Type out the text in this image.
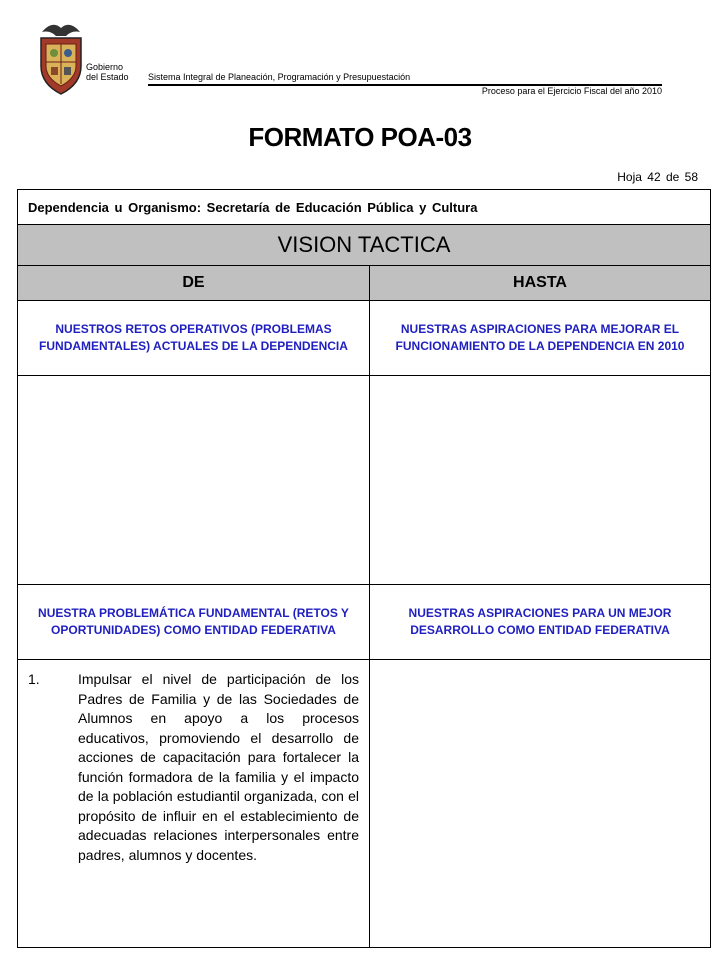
Gobierno
del Estado Sistema Integral de Planeación, Programación y Presupuestación
Proceso para el Ejercicio Fiscal del año 2010
FORMATO POA-03
Hoja 42 de 58
Dependencia u Organismo: Secretaría de Educación Pública y Cultura	
VISION TACTICA	
DE	HASTA
NUESTROS RETOS OPERATIVOS (PROBLEMAS FUNDAMENTALES) ACTUALES DE LA DEPENDENCIA	NUESTRAS ASPIRACIONES PARA MEJORAR EL FUNCIONAMIENTO DE LA DEPENDENCIA EN 2010

NUESTRA PROBLEMÁTICA FUNDAMENTAL (RETOS Y OPORTUNIDADES) COMO ENTIDAD FEDERATIVA	NUESTRAS ASPIRACIONES PARA UN MEJOR DESARROLLO COMO ENTIDAD FEDERATIVA

1. Impulsar el nivel de participación de los Padres de Familia y de las Sociedades de Alumnos en apoyo a los procesos educativos, promoviendo el desarrollo de acciones de capacitación para fortalecer la función formadora de la familia y el impacto de la población estudiantil organizada, con el propósito de influir en el establecimiento de adecuadas relaciones interpersonales entre padres, alumnos y docentes.	
